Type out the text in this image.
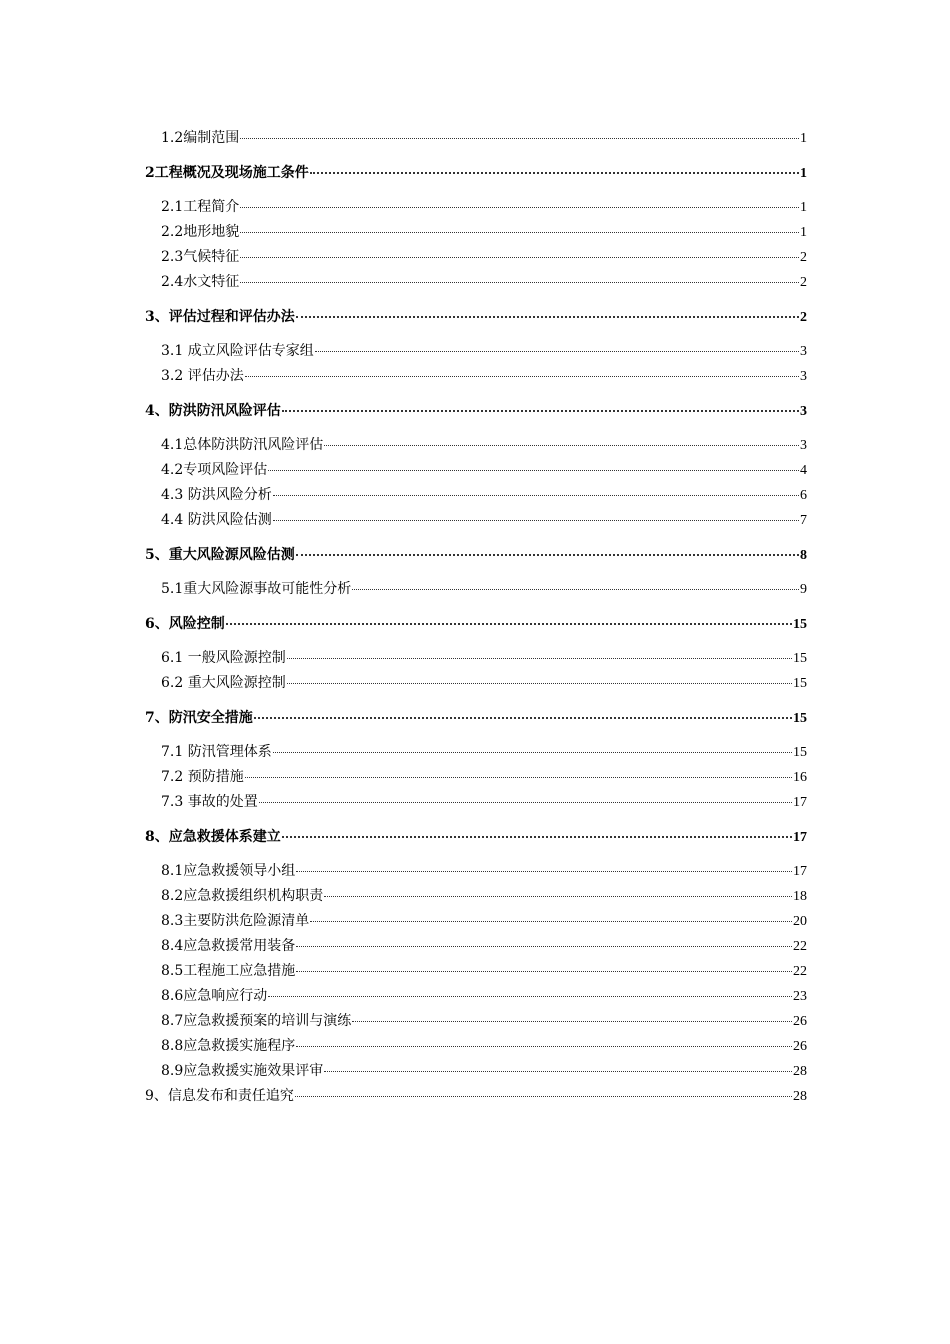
1.2编制范围	1
2工程概况及现场施工条件	1
2.1工程简介	1
2.2地形地貌	1
2.3气候特征	2
2.4水文特征	2
3、评估过程和评估办法	2
3.1 成立风险评估专家组	3
3.2 评估办法	3
4、防洪防汛风险评估	3
4.1总体防洪防汛风险评估	3
4.2专项风险评估	4
4.3 防洪风险分析	6
4.4 防洪风险估测	7
5、重大风险源风险估测	8
5.1重大风险源事故可能性分析	9
6、风险控制	15
6.1 一般风险源控制	15
6.2 重大风险源控制	15
7、防汛安全措施	15
7.1 防汛管理体系	15
7.2 预防措施	16
7.3 事故的处置	17
8、应急救援体系建立	17
8.1应急救援领导小组	17
8.2应急救援组织机构职责	18
8.3主要防洪危险源清单	20
8.4应急救援常用装备	22
8.5工程施工应急措施	22
8.6应急响应行动	23
8.7应急救援预案的培训与演练	26
8.8应急救援实施程序	26
8.9应急救援实施效果评审	28
9、信息发布和责任追究	28
